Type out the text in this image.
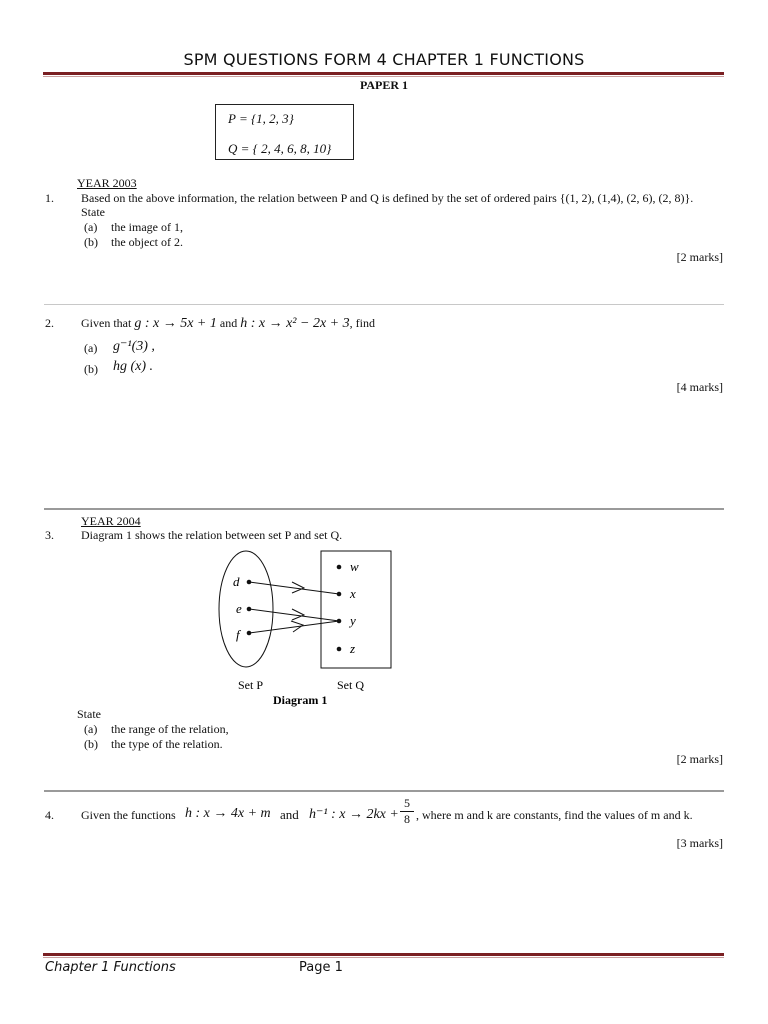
SPM QUESTIONS FORM 4 CHAPTER 1 FUNCTIONS
PAPER 1
P = {1, 2, 3}
Q = { 2, 4, 6, 8, 10}
YEAR 2003
1. Based on the above information, the relation between P and Q is defined by the set of ordered pairs {(1, 2), (1,4), (2, 6), (2, 8)}.
State
(a) the image of 1,
(b) the object of 2.
[2 marks]
2. Given that g : x → 5x + 1 and h : x → x² − 2x + 3, find
(a) g⁻¹(3) ,
(b) hg (x) .
[4 marks]
YEAR 2004
3. Diagram 1 shows the relation between set P and set Q.
d
e
f
w
x
y
z
Set P	Set Q
Diagram 1
State
(a) the range of the relation,
(b) the type of the relation.
[2 marks]
4. Given the functions h : x → 4x + m and h⁻¹ : $x \to 2kx + \frac{5}{8}$ , where m and k are constants, find the values of m and k.
[3 marks]
Chapter 1 Functions	Page 1
